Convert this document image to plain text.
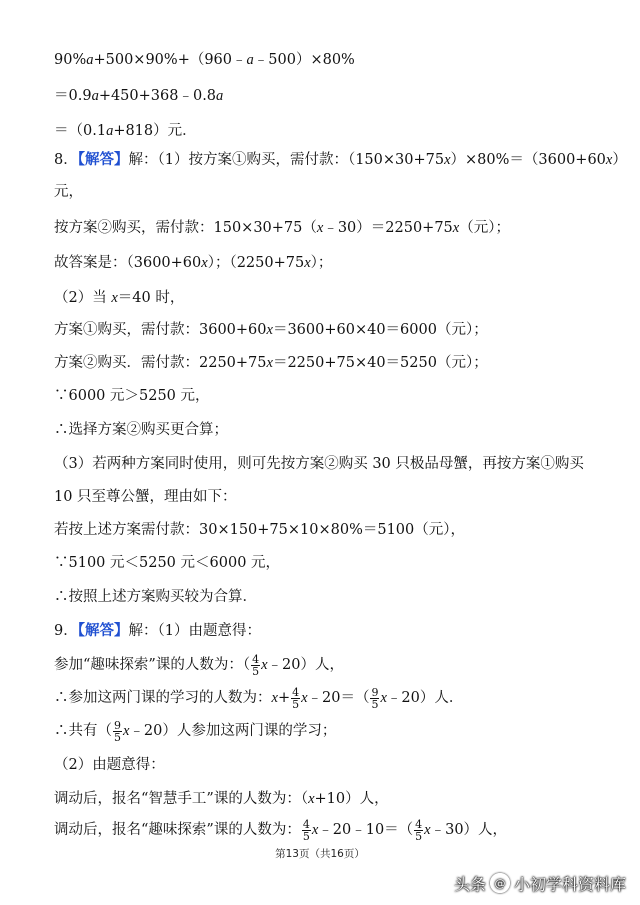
90%a+500×90%+（960﹣a﹣500）×80%
＝0.9a+450+368﹣0.8a
＝（0.1a+818）元．
8．【解答】解：（1）按方案①购买，需付款：（150×30+75x）×80%＝（3600+60x）
元，
按方案②购买，需付款：150×30+75（x﹣30）＝2250+75x（元）；
故答案是：（3600+60x）；（2250+75x）；
（2）当 x＝40 时，
方案①购买，需付款：3600+60x＝3600+60×40＝6000（元）；
方案②购买．需付款：2250+75x＝2250+75×40＝5250（元）；
∵6000 元＞5250 元，
∴选择方案②购买更合算；
（3）若两种方案同时使用，则可先按方案②购买 30 只极品母蟹，再按方案①购买
10 只至尊公蟹，理由如下：
若按上述方案需付款：30×150+75×10×80%＝5100（元），
∵5100 元＜5250 元＜6000 元，
∴按照上述方案购买较为合算．
9．【解答】解：（1）由题意得：
参加“趣味探索”课的人数为：（ $\frac{4}{5}$ x﹣20）人，
∴参加这两门课的学习的人数为：$x+ \frac{4}{5}$ x﹣20＝（ $\frac{9}{5}$ x﹣20）人．
∴共有（ $\frac{9}{5}$ x﹣20）人参加这两门课的学习；
（2）由题意得：
调动后，报名“智慧手工”课的人数为：（x+10）人，
调动后，报名“趣味探索”课的人数为： $\frac{4}{5}$ x﹣20﹣10＝（ $\frac{4}{5}$ x﹣30）人，
第13页（共16页）
头条 @ 小初学科资料库
